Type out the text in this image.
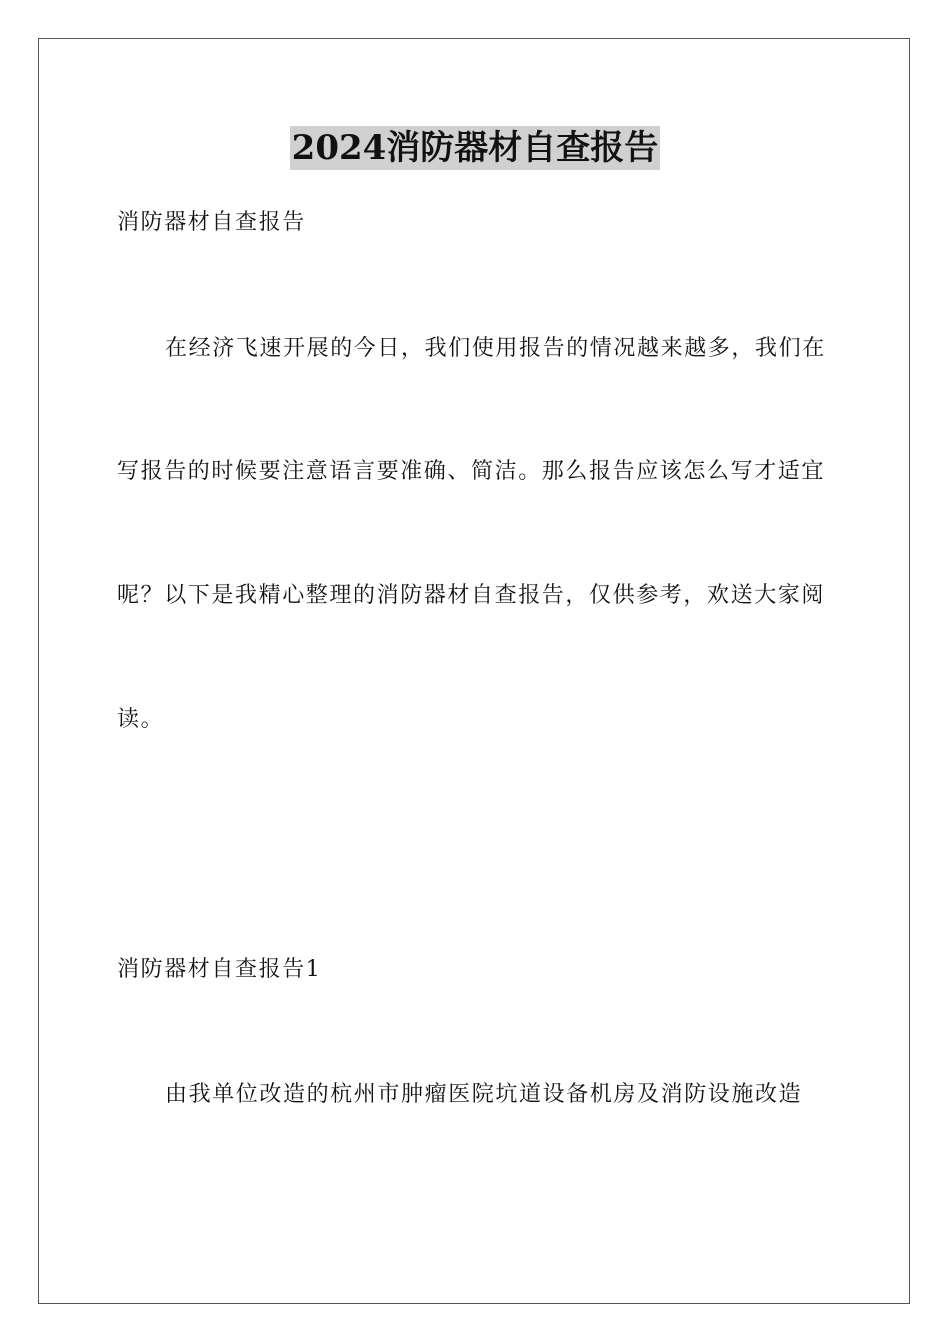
2024消防器材自查报告
消防器材自查报告
在经济飞速开展的今日，我们使用报告的情况越来越多，我们在
写报告的时候要注意语言要准确、简洁。那么报告应该怎么写才适宜
呢？以下是我精心整理的消防器材自查报告，仅供参考，欢送大家阅
读。
消防器材自查报告1
由我单位改造的杭州市肿瘤医院坑道设备机房及消防设施改造
